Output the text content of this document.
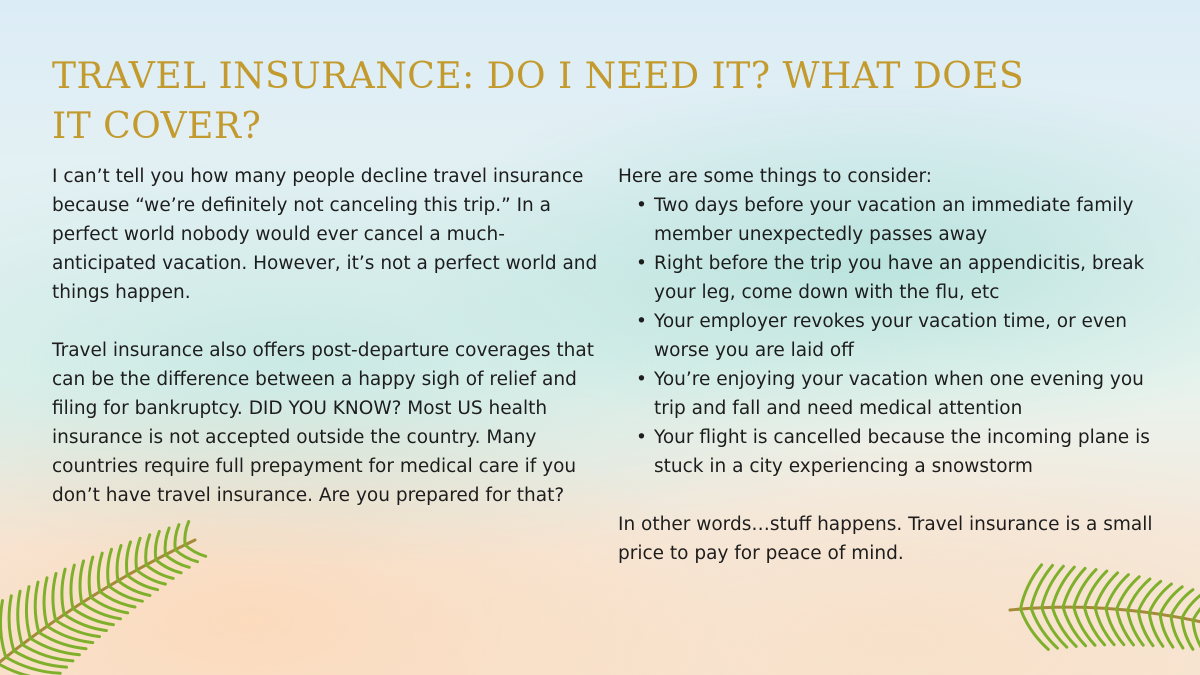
TRAVEL INSURANCE: DO I NEED IT? WHAT DOES IT COVER?

I can’t tell you how many people decline travel insurance because “we’re definitely not canceling this trip.” In a perfect world nobody would ever cancel a much-anticipated vacation. However, it’s not a perfect world and things happen.

Travel insurance also offers post-departure coverages that can be the difference between a happy sigh of relief and filing for bankruptcy. DID YOU KNOW? Most US health insurance is not accepted outside the country. Many countries require full prepayment for medical care if you don’t have travel insurance. Are you prepared for that?

Here are some things to consider:

• Two days before your vacation an immediate family member unexpectedly passes away
• Right before the trip you have an appendicitis, break your leg, come down with the flu, etc
• Your employer revokes your vacation time, or even worse you are laid off
• You’re enjoying your vacation when one evening you trip and fall and need medical attention
• Your flight is cancelled because the incoming plane is stuck in a city experiencing a snowstorm

In other words…stuff happens. Travel insurance is a small price to pay for peace of mind.
